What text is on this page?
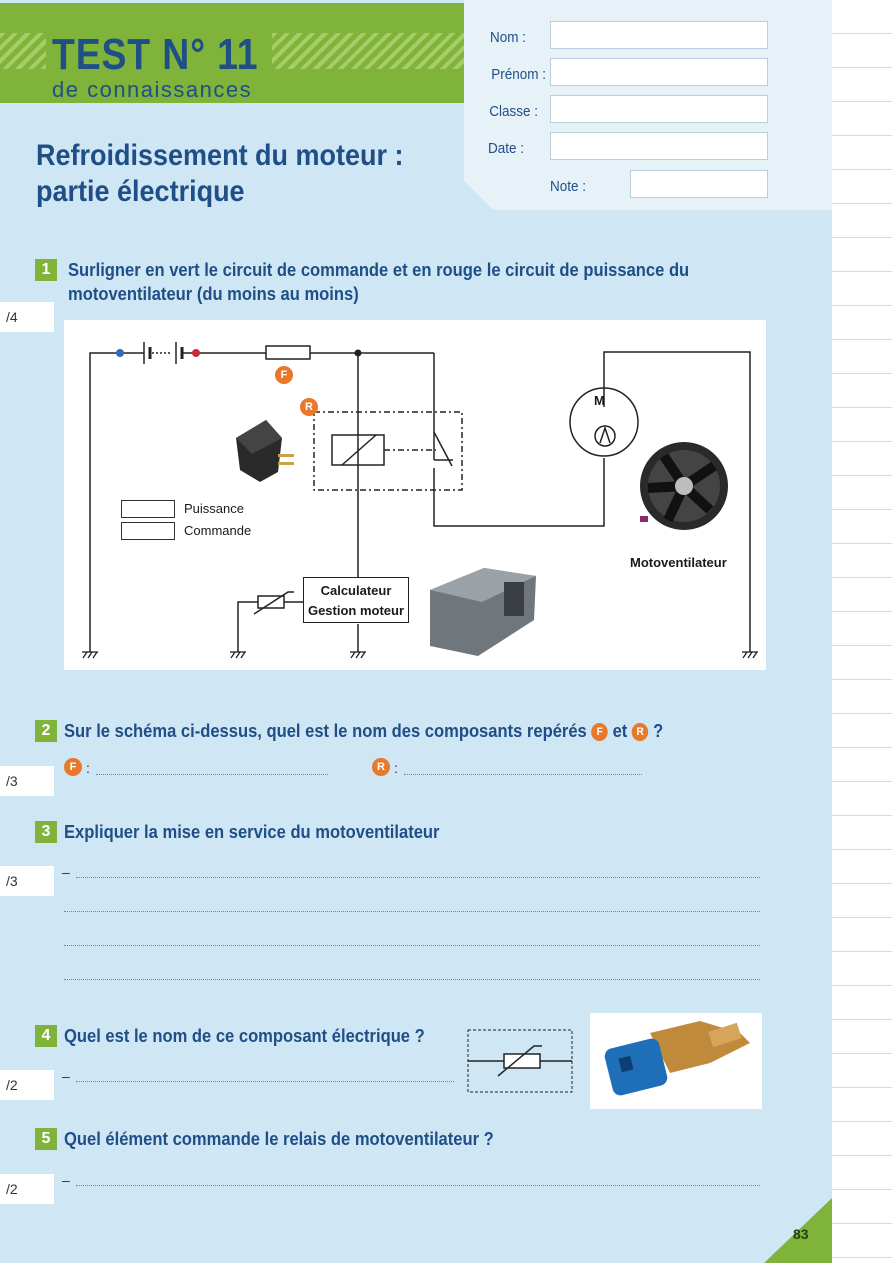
TEST N° 11
de connaissances
Refroidissement du moteur :
partie électrique
Nom :
Prénom :
Classe :
Date :
Note :
1 Surligner en vert le circuit de commande et en rouge le circuit de puissance du
motoventilateur (du moins au moins)
/4
F
R	M
Puissance
Commande
Calculateur
Gestion moteur
Motoventilateur
2 Sur le schéma ci-dessus, quel est le nom des composants repérés F et R ?
/3
F :	R :
3 Expliquer la mise en service du motoventilateur
/3
–
4 Quel est le nom de ce composant électrique ?
/2
–
5 Quel élément commande le relais de motoventilateur ?
/2
–
83
